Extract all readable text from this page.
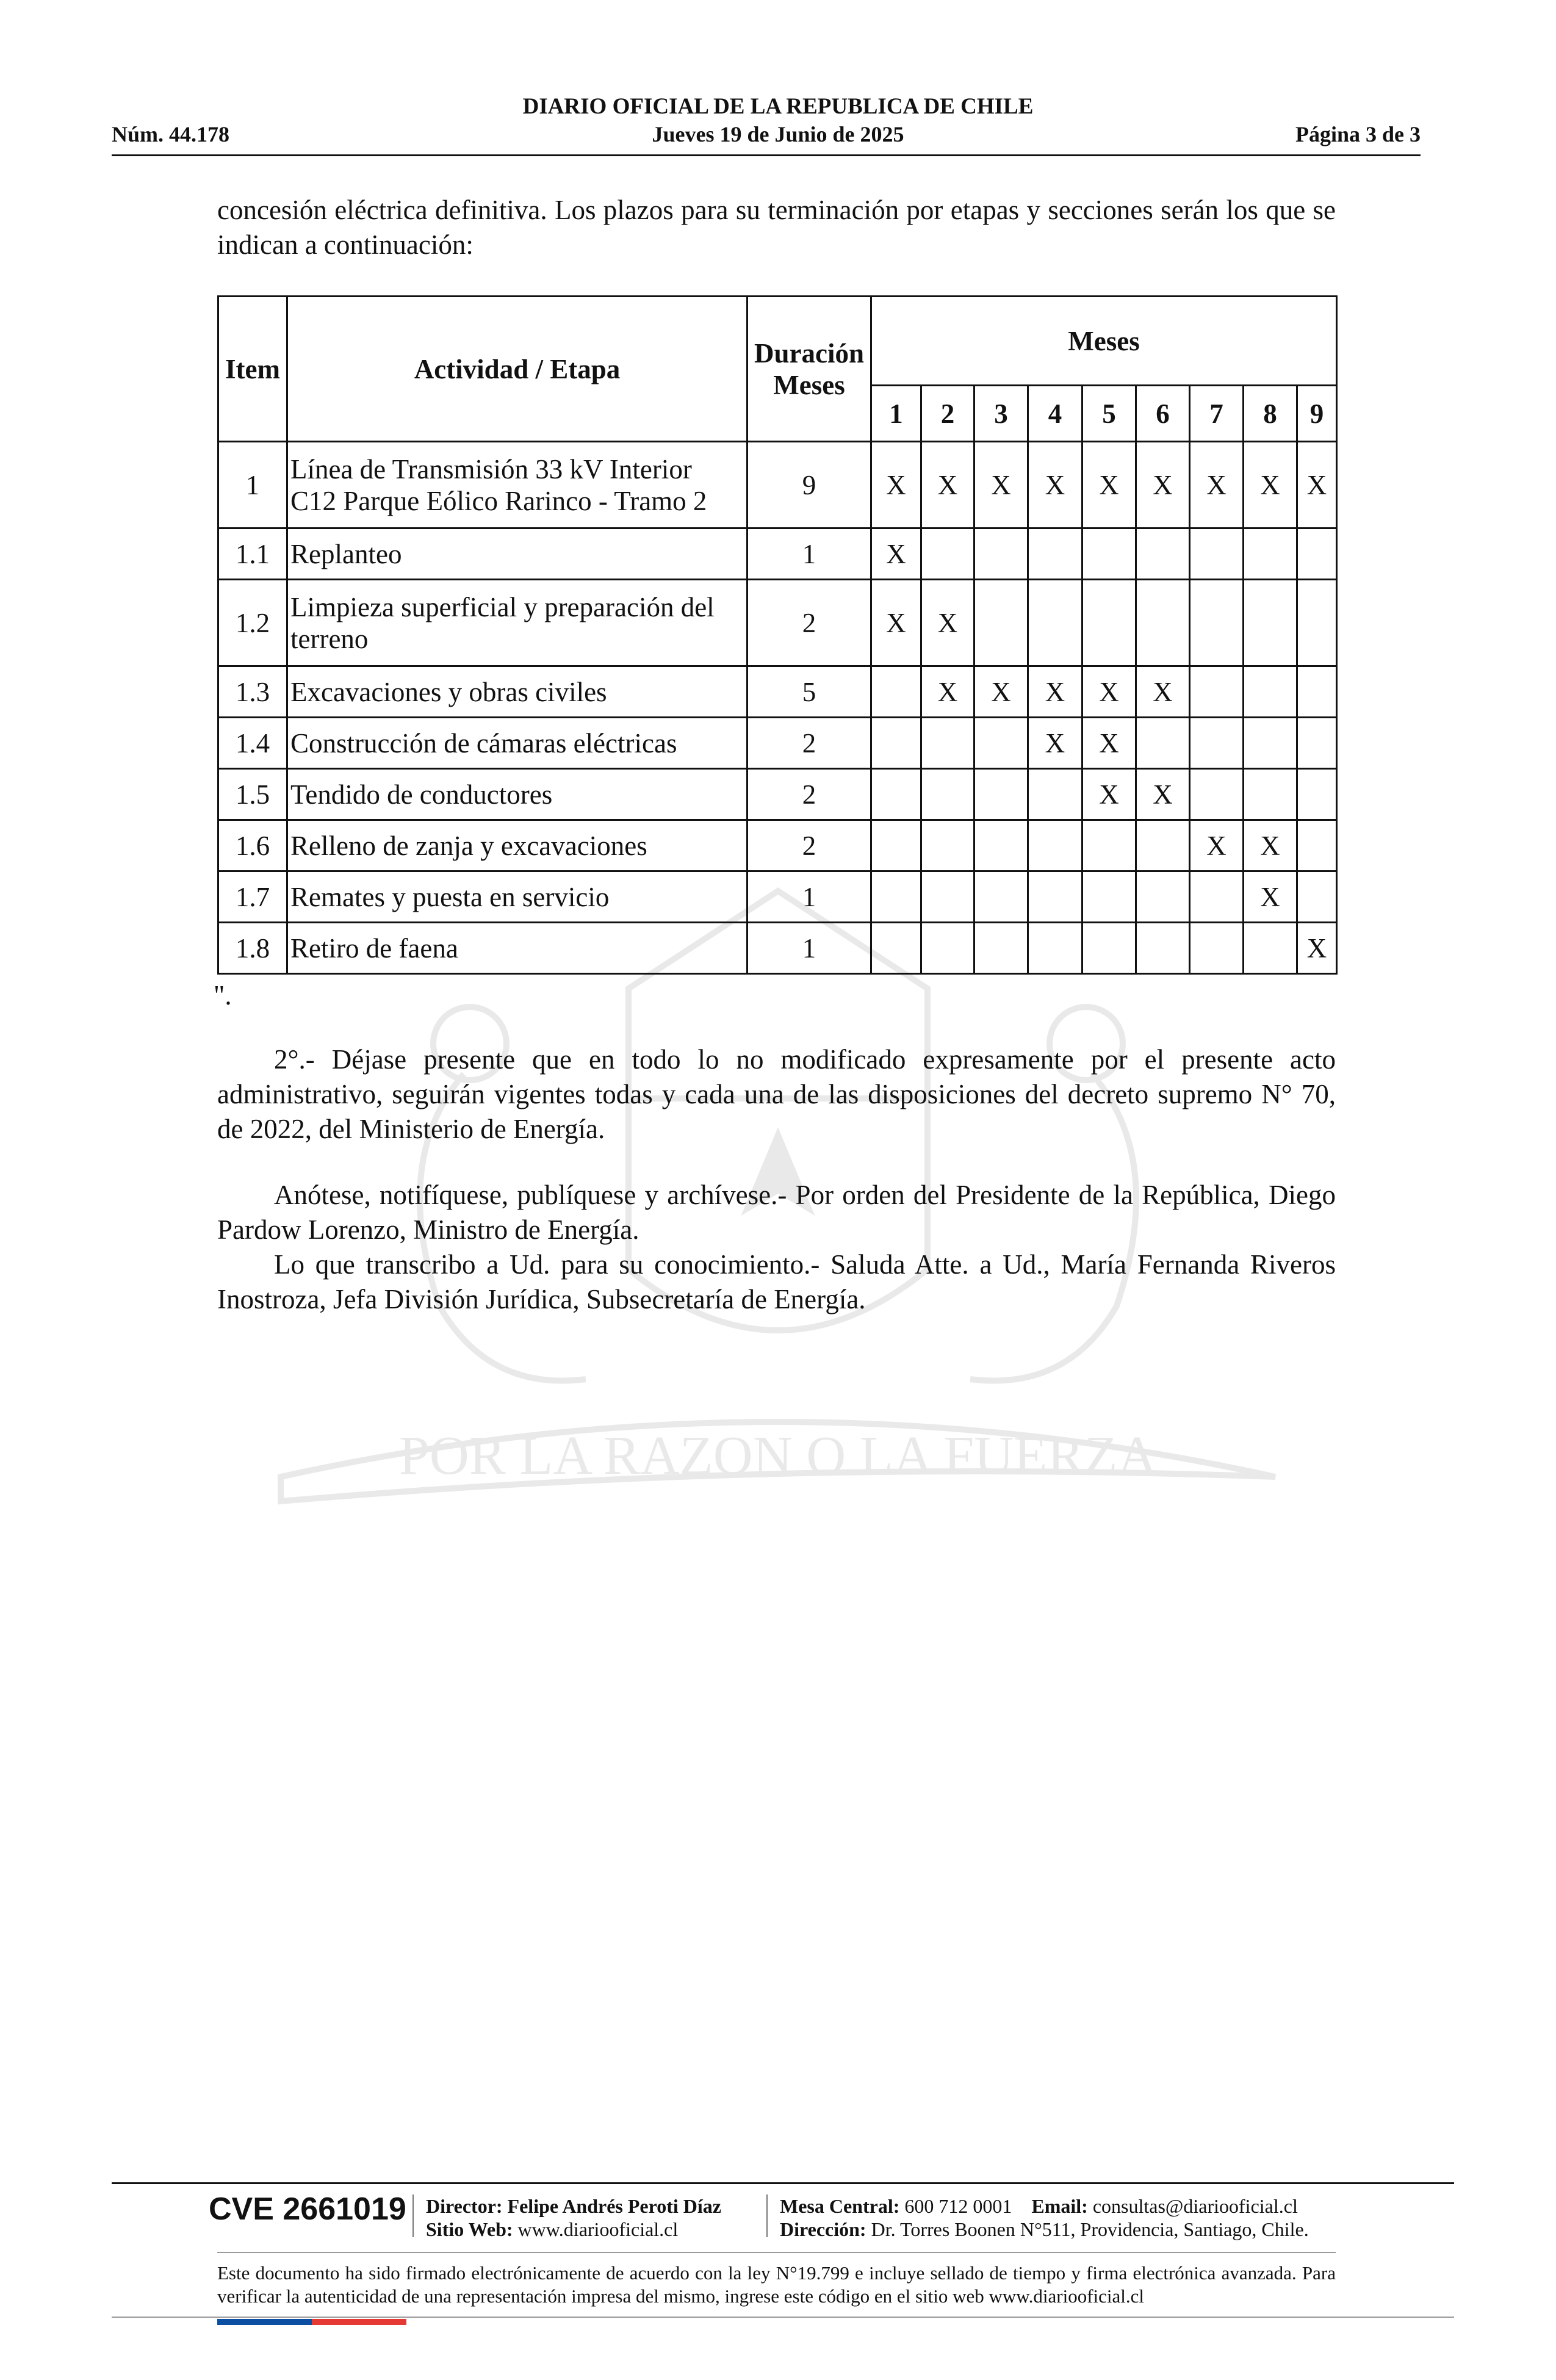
DIARIO OFICIAL DE LA REPUBLICA DE CHILE
Núm. 44.178	Jueves 19 de Junio de 2025	Página 3 de 3
POR LA RAZON O LA FUERZA
concesión eléctrica definitiva. Los plazos para su terminación por etapas y secciones serán los que se indican a continuación:
Item	Actividad / Etapa	Duración Meses	Meses								
			1	2	3	4	5	6	7	8	9
1	Línea de Transmisión 33 kV Interior C12 Parque Eólico Rarinco - Tramo 2	9	X	X	X	X	X	X	X	X	X
1.1	Replanteo	1	X								
1.2	Limpieza superficial y preparación del terreno	2	X	X							
1.3	Excavaciones y obras civiles	5		X	X	X	X	X			
1.4	Construcción de cámaras eléctricas	2				X	X				
1.5	Tendido de conductores	2					X	X			
1.6	Relleno de zanja y excavaciones	2							X	X	
1.7	Remates y puesta en servicio	1								X	
1.8	Retiro de faena	1									X
".
2°.- Déjase presente que en todo lo no modificado expresamente por el presente acto administrativo, seguirán vigentes todas y cada una de las disposiciones del decreto supremo N° 70, de 2022, del Ministerio de Energía.
Anótese, notifíquese, publíquese y archívese.- Por orden del Presidente de la República, Diego Pardow Lorenzo, Ministro de Energía.
Lo que transcribo a Ud. para su conocimiento.- Saluda Atte. a Ud., María Fernanda Riveros Inostroza, Jefa División Jurídica, Subsecretaría de Energía.
CVE 2661019 Director: Felipe Andrés Peroti Díaz
Sitio Web: www.diariooficial.cl
Mesa Central: 600 712 0001 Email: consultas@diariooficial.cl
Dirección: Dr. Torres Boonen N°511, Providencia, Santiago, Chile.
Este documento ha sido firmado electrónicamente de acuerdo con la ley N°19.799 e incluye sellado de tiempo y firma electrónica avanzada. Para verificar la autenticidad de una representación impresa del mismo, ingrese este código en el sitio web www.diariooficial.cl
